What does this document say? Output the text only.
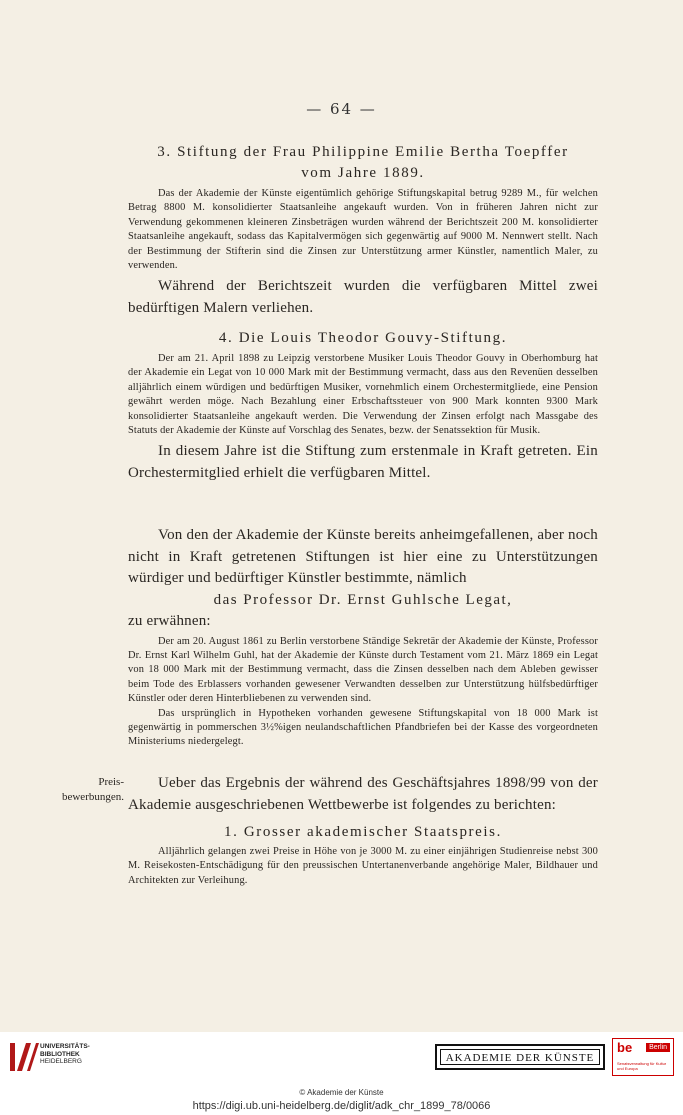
— 64 —
3. Stiftung der Frau Philippine Emilie Bertha Toepffer
vom Jahre 1889.

Das der Akademie der Künste eigentümlich gehörige Stiftungskapital betrug 9289 M., für welchen Betrag 8800 M. konsolidierter Staatsanleihe angekauft wurden. Von in früheren Jahren nicht zur Verwendung gekommenen kleineren Zinsbeträgen wurden während der Berichtszeit 200 M. konsolidierter Staatsanleihe angekauft, sodass das Kapitalvermögen sich gegenwärtig auf 9000 M. Nennwert stellt. Nach der Bestimmung der Stifterin sind die Zinsen zur Unterstützung armer Künstler, namentlich Maler, zu verwenden.

Während der Berichtszeit wurden die verfügbaren Mittel zwei bedürftigen Malern verliehen.

4. Die Louis Theodor Gouvy-Stiftung.

Der am 21. April 1898 zu Leipzig verstorbene Musiker Louis Theodor Gouvy in Oberhomburg hat der Akademie ein Legat von 10 000 Mark mit der Bestimmung vermacht, dass aus den Revenüen desselben alljährlich einem würdigen und bedürftigen Musiker, vornehmlich einem Orchestermitgliede, eine Pension gewährt werden möge. Nach Bezahlung einer Erbschaftssteuer von 900 Mark konnten 9300 Mark konsolidierter Staatsanleihe angekauft werden. Die Verwendung der Zinsen erfolgt nach Massgabe des Statuts der Akademie der Künste auf Vorschlag des Senates, bezw. der Senatssektion für Musik.

In diesem Jahre ist die Stiftung zum erstenmale in Kraft getreten. Ein Orchestermitglied erhielt die verfügbaren Mittel.

Von den der Akademie der Künste bereits anheimgefallenen, aber noch nicht in Kraft getretenen Stiftungen ist hier eine zu Unterstützungen würdiger und bedürftiger Künstler bestimmte, nämlich

das Professor Dr. Ernst Guhlsche Legat,

zu erwähnen:

Der am 20. August 1861 zu Berlin verstorbene Ständige Sekretär der Akademie der Künste, Professor Dr. Ernst Karl Wilhelm Guhl, hat der Akademie der Künste durch Testament vom 21. März 1869 ein Legat von 18 000 Mark mit der Bestimmung vermacht, dass die Zinsen desselben nach dem Ableben gewisser beim Tode des Erblassers vorhanden gewesener Verwandten desselben zur Unterstützung hülfsbedürftiger Künstler oder deren Hinterbliebenen zu verwenden sind.

Das ursprünglich in Hypotheken vorhanden gewesene Stiftungskapital von 18 000 Mark ist gegenwärtig in pommerschen 3½%igen neulandschaftlichen Pfandbriefen bei der Kasse des vorgeordneten Ministeriums niedergelegt.

Preis-
bewerbungen.

Ueber das Ergebnis der während des Geschäftsjahres 1898/99 von der Akademie ausgeschriebenen Wettbewerbe ist folgendes zu berichten:

1. Grosser akademischer Staatspreis.

Alljährlich gelangen zwei Preise in Höhe von je 3000 M. zu einer einjährigen Studienreise nebst 300 M. Reisekosten-Entschädigung für den preussischen Untertanenverbande angehörige Maler, Bildhauer und Architekten zur Verleihung.

UNIVERSITÄTS-
BIBLIOTHEK
HEIDELBERG	AKADEMIE DER KÜNSTE
be	Berlin
Senatsverwaltung für Kultur und Europa
© Akademie der Künste
https://digi.ub.uni-heidelberg.de/diglit/adk_chr_1899_78/0066
